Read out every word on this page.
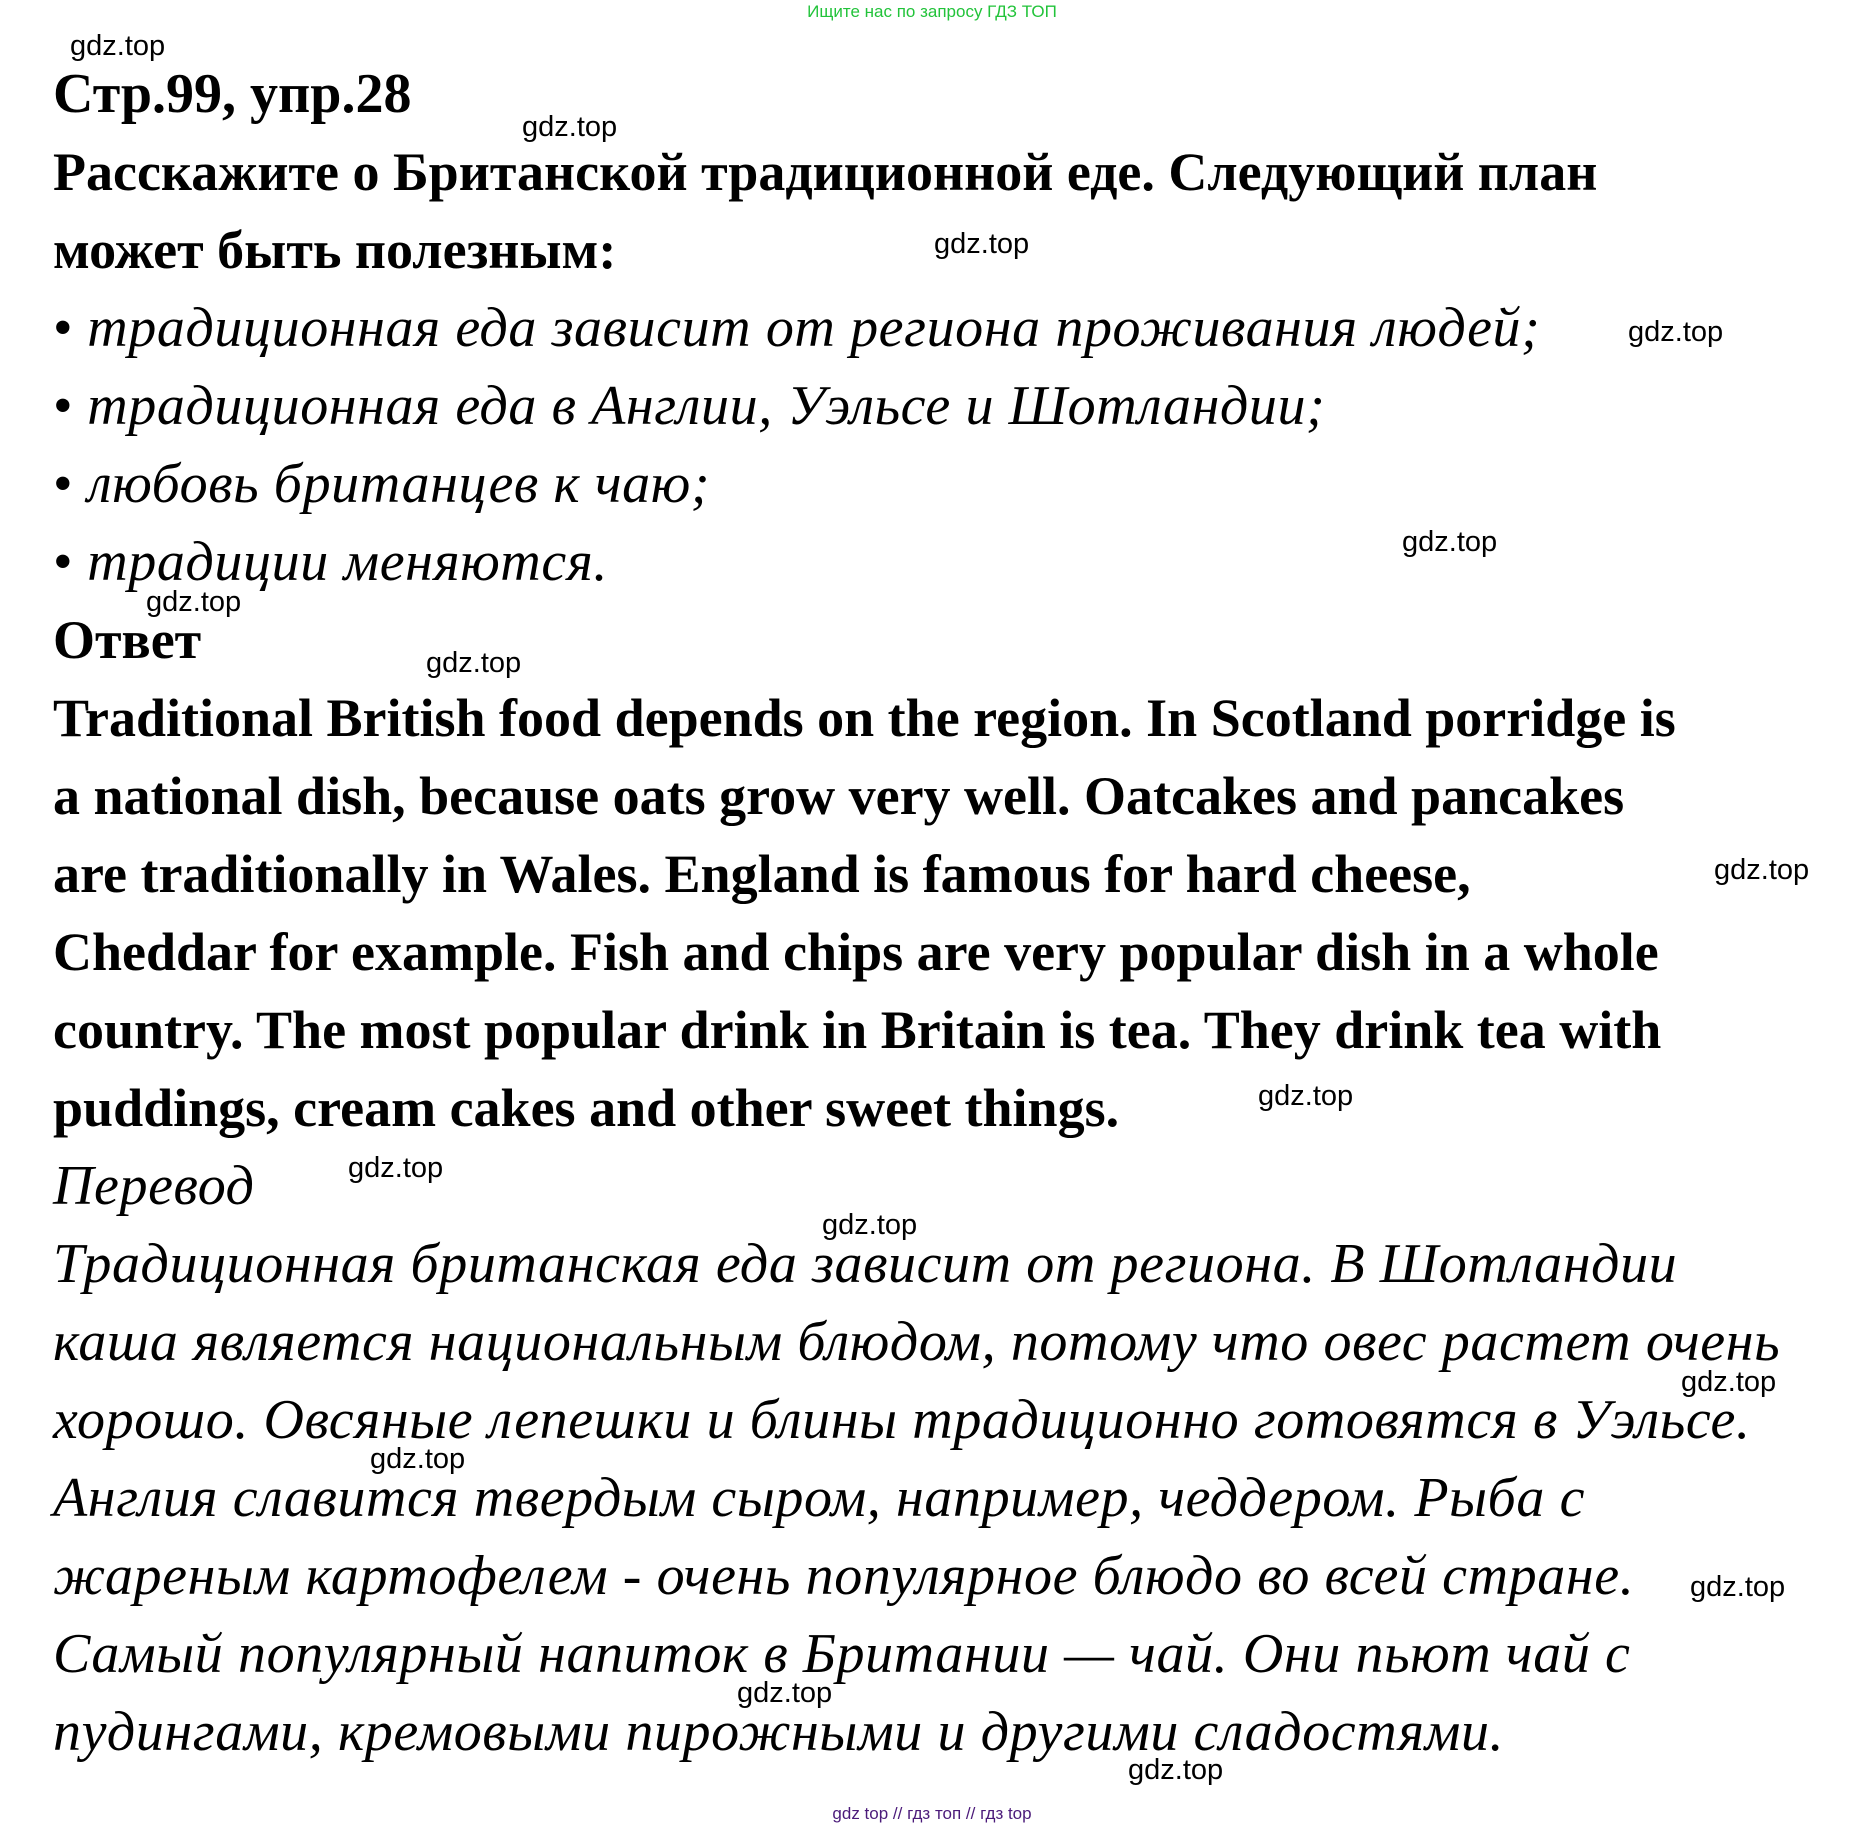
Ищите нас по запросу ГДЗ ТОП
Стр.99, упр.28
Расскажите о Британской традиционной еде. Следующий план
может быть полезным:
• традиционная еда зависит от региона проживания людей;
• традиционная еда в Англии, Уэльсе и Шотландии;
• любовь британцев к чаю;
• традиции меняются.
Ответ
Traditional British food depends on the region. In Scotland porridge is
a national dish, because oats grow very well. Oatcakes and pancakes
are traditionally in Wales. England is famous for hard cheese,
Cheddar for example. Fish and chips are very popular dish in a whole
country. The most popular drink in Britain is tea. They drink tea with
puddings, cream cakes and other sweet things.
Перевод
Традиционная британская еда зависит от региона. В Шотландии
каша является национальным блюдом, потому что овес растет очень
хорошо. Овсяные лепешки и блины традиционно готовятся в Уэльсе.
Англия славится твердым сыром, например, чеддером. Рыба с
жареным картофелем - очень популярное блюдо во всей стране.
Самый популярный напиток в Британии — чай. Они пьют чай с
пудингами, кремовыми пирожными и другими сладостями.
gdz.top
gdz.top
gdz.top
gdz.top
gdz.top
gdz.top
gdz.top
gdz.top
gdz.top
gdz.top
gdz.top
gdz.top
gdz.top
gdz.top
gdz.top
gdz.top
gdz top // гдз топ // гдз top
